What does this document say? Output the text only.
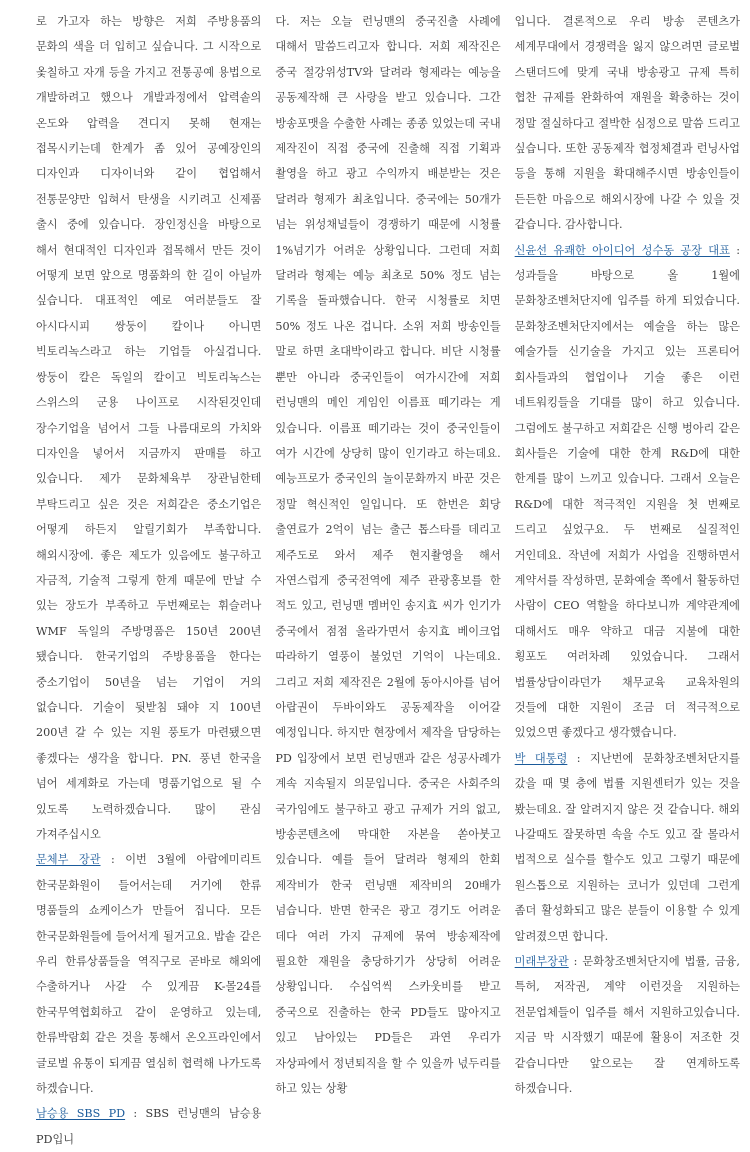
로 가고자 하는 방향은 저희 주방용품의 문화의 색을 더 입히고 싶습니다. 그 시작으로 옻칠하고 자개 등을 가지고 전통공예 용법으로 개발하려고 했으나 개발과정에서 압력솥의 온도와 압력을 견디지 못해 현재는 접목시키는데 한계가 좀 있어 공예장인의 디자인과 디자이너와 같이 협업해서 전통문양만 입혀서 탄생을 시키려고 신제품 출시 중에 있습니다. 장인정신을 바탕으로 해서 현대적인 디자인과 접목해서 만든 것이 어떻게 보면 앞으로 명품화의 한 길이 아닐까 싶습니다. 대표적인 예로 여러분들도 잘 아시다시피 쌍둥이 칼이나 아니면 빅토리녹스라고 하는 기업들 아실겁니다. 쌍둥이 칼은 독일의 칼이고 빅토리녹스는 스위스의 군용 나이프로 시작된것인데 장수기업을 넘어서 그들 나름대로의 가치와 디자인을 넣어서 지금까지 판매를 하고 있습니다. 제가 문화체육부 장관님한테 부탁드리고 싶은 것은 저희같은 중소기업은 어떻게 하든지 알릴기회가 부족합니다. 해외시장에. 좋은 제도가 있음에도 불구하고 자금적, 기술적 그렇게 한계 때문에 만날 수 있는 장도가 부족하고 두번째로는 휘슬러나 WMF 독일의 주방명품은 150년 200년 됐습니다. 한국기업의 주방용품을 한다는 중소기업이 50년을 넘는 기업이 거의 없습니다. 기술이 뒷받침 돼야 지 100년 200년 갈 수 있는 지원 풍토가 마련됐으면 좋겠다는 생각을 합니다. PN. 풍년 한국을 넘어 세계화로 가는데 명품기업으로 될 수 있도록 노력하겠습니다. 많이 관심 가져주십시오

문체부 장관 : 이번 3월에 아랍에미리트 한국문화원이 들어서는데 거기에 한류 명품들의 쇼케이스가 만들어 집니다. 모든 한국문화원들에 들어서게 될거고요. 밥솥 같은 우리 한류상품들을 역직구로 곧바로 해외에 수출하거나 사갈 수 있게끔 K-몰24를 한국무역협회하고 같이 운영하고 있는데, 한류박람회 같은 것을 통해서 온오프라인에서 글로벌 유통이 되게끔 열심히 협력해 나가도록 하겠습니다.

남승용 SBS PD : SBS 런닝맨의 남승용 PD입니

다. 저는 오늘 런닝맨의 중국진출 사례에 대해서 말씀드리고자 합니다. 저희 제작진은 중국 절강위성TV와 달려라 형제라는 예능을 공동제작해 큰 사랑을 받고 있습니다. 그간 방송포맷을 수출한 사례는 종종 있었는데 국내 제작진이 직접 중국에 진출해 직접 기획과 촬영을 하고 광고 수익까지 배분받는 것은 달려라 형제가 최초입니다. 중국에는 50개가 넘는 위성채널들이 경쟁하기 때문에 시청률 1%넘기가 어려운 상황입니다. 그런데 저희 달려라 형제는 예능 최초로 50% 정도 넘는 기록을 돌파했습니다. 한국 시청률로 치면 50% 정도 나온 겁니다. 소위 저희 방송인들 말로 하면 초대박이라고 합니다. 비단 시청률 뿐만 아니라 중국인들이 여가시간에 저희 런닝맨의 메인 게임인 이름표 떼기라는 게 있습니다. 이름표 떼기라는 것이 중국인들이 여가 시간에 상당히 많이 인기라고 하는데요. 예능프로가 중국인의 놀이문화까지 바꾼 것은 정말 혁신적인 일입니다. 또 한번은 회당 출연료가 2억이 넘는 출근 톱스타를 데리고 제주도로 와서 제주 현지촬영을 해서 자연스럽게 중국전역에 제주 관광홍보를 한 적도 있고, 런닝맨 멤버인 송지효 씨가 인기가 중국에서 점점 올라가면서 송지효 베이크업 따라하기 열풍이 불었던 기억이 나는데요. 그리고 저희 제작진은 2월에 동아시아를 넘어 아랍권이 두바이와도 공동제작을 이어갈 예정입니다. 하지만 현장에서 제작을 담당하는 PD 입장에서 보면 런닝맨과 같은 성공사례가 계속 지속될지 의문입니다. 중국은 사회주의 국가임에도 불구하고 광고 규제가 거의 없고, 방송콘텐츠에 막대한 자본을 쏟아붓고 있습니다. 예를 들어 달려라 형제의 한회 제작비가 한국 런닝맨 제작비의 20배가 넘습니다. 반면 한국은 광고 경기도 어려운 데다 여러 가지 규제에 묶여 방송제작에 필요한 재원을 충당하기가 상당히 어려운 상황입니다. 수십억씩 스카웃비를 받고 중국으로 진출하는 한국 PD들도 많아지고 있고 남아있는 PD들은 과연 우리가 자상파에서 정년퇴직을 할 수 있을까 넋두리를 하고 있는 상황

입니다. 결론적으로 우리 방송 콘텐츠가 세계무대에서 경쟁력을 잃지 않으려면 글로벌 스탠더드에 맞게 국내 방송광고 규제 특히 협찬 규제를 완화하여 재원을 확충하는 것이 정말 절실하다고 절박한 심정으로 말씀 드리고 싶습니다. 또한 공동제작 협정체결과 런닝사업 등을 통해 지원을 확대해주시면 방송인들이 든든한 마음으로 해외시장에 나갈 수 있을 것 같습니다. 감사합니다.

신윤선 유쾌한 아이디어 성수동 공장 대표 : 성과들을 바탕으로 올 1월에 문화창조벤처단지에 입주를 하게 되었습니다. 문화창조벤처단지에서는 예술을 하는 많은 예술가들 신기술을 가지고 있는 프론티어 회사들과의 협업이나 기술 좋은 이런 네트워킹들을 기대를 많이 하고 있습니다. 그럼에도 불구하고 저희같은 신행 벙아리 같은 회사들은 기술에 대한 한계 R&D에 대한 한계를 많이 느끼고 있습니다. 그래서 오늘은 R&D에 대한 적극적인 지원을 첫 번째로 드리고 싶었구요. 두 번째로 실질적인 거인데요. 작년에 저희가 사업을 진행하면서 계약서를 작성하면, 문화예술 쪽에서 활동하던 사람이 CEO 역할을 하다보니까 계약관계에 대해서도 매우 약하고 대금 지불에 대한 횡포도 여러차례 있었습니다. 그래서 법률상담이라던가 채무교육 교육차원의 것들에 대한 지원이 조금 더 적극적으로 있었으면 좋겠다고 생각했습니다.

박 대통령 : 지난번에 문화창조벤처단지를 갔을 때 몇 층에 법률 지원센터가 있는 것을 봤는데요. 잘 알려지지 않은 것 같습니다. 해외 나갈때도 잘못하면 속을 수도 있고 잘 몰라서 법적으로 실수를 할수도 있고 그렇기 때문에 원스톱으로 지원하는 코너가 있던데 그런게 좀더 활성화되고 많은 분들이 이용할 수 있게 알려졌으면 합니다.

미래부장관 : 문화창조벤처단지에 법률, 금융, 특허, 저작권, 계약 이런것을 지원하는 전문업체들이 입주를 해서 지원하고있습니다. 지금 막 시작했기 때문에 활용이 저조한 것 같습니다만 앞으로는 잘 연계하도록 하겠습니다.
